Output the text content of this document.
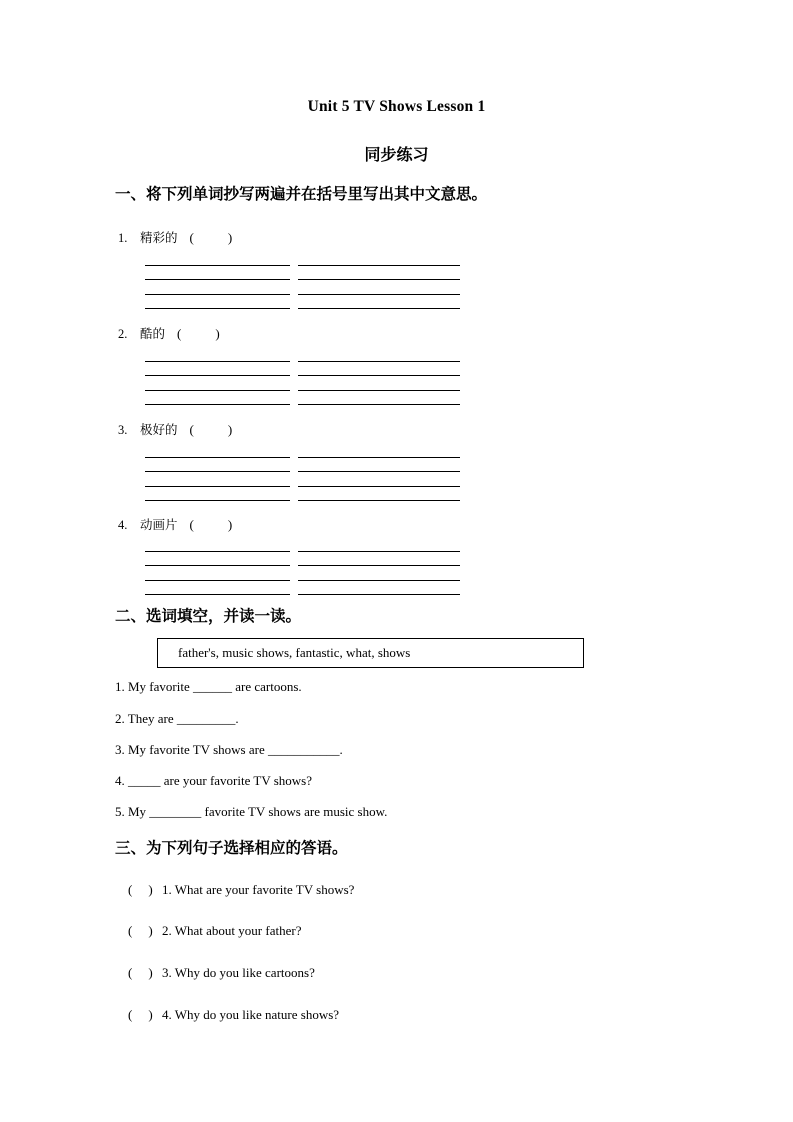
Unit 5 TV Shows Lesson 1
同步练习
一、将下列单词抄写两遍并在括号里写出其中文意思。
1. 精彩的 (	)
2. 酷的 (	)
3. 极好的 (	)
4. 动画片 (	)
二、选词填空，并读一读。
father's, music shows, fantastic, what, shows
1. My favorite ______ are cartoons.
2. They are _________.
3. My favorite TV shows are ___________.
4. _____ are your favorite TV shows?
5. My ________ favorite TV shows are music show.
三、为下列句子选择相应的答语。
( ) 1. What are your favorite TV shows?
( ) 2. What about your father?
( ) 3. Why do you like cartoons?
( ) 4. Why do you like nature shows?
